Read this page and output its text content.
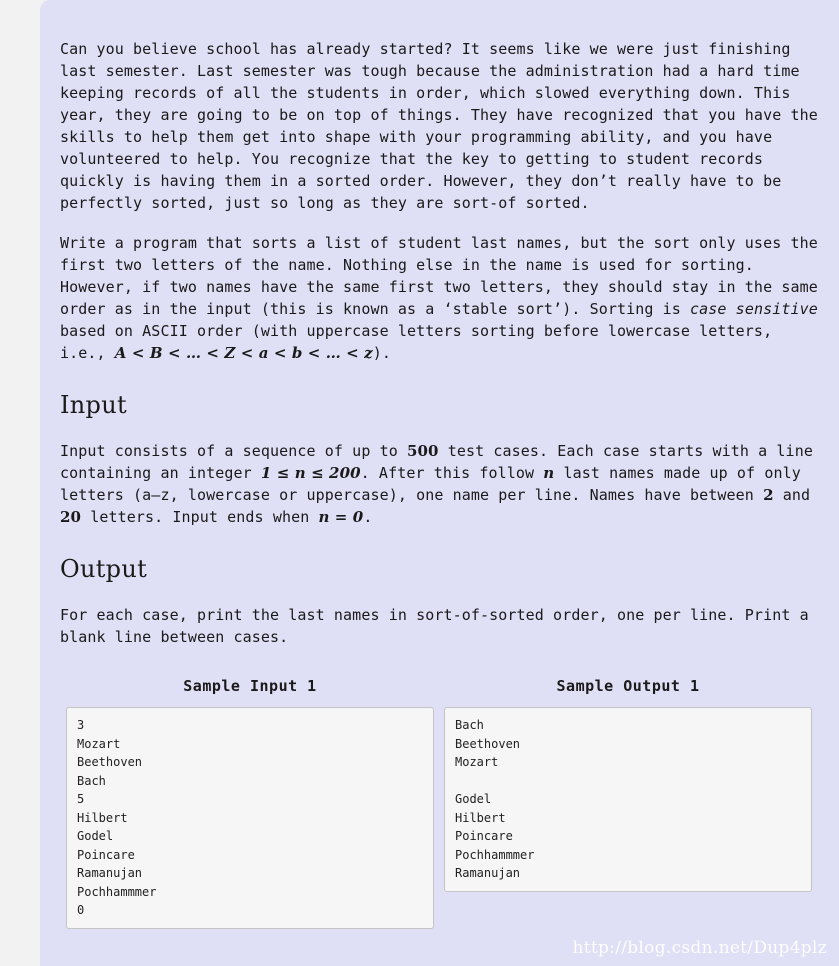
Can you believe school has already started? It seems like we were just finishing last semester. Last semester was tough because the administration had a hard time keeping records of all the students in order, which slowed everything down. This year, they are going to be on top of things. They have recognized that you have the skills to help them get into shape with your programming ability, and you have volunteered to help. You recognize that the key to getting to student records quickly is having them in a sorted order. However, they don’t really have to be perfectly sorted, just so long as they are sort-of sorted.

Write a program that sorts a list of student last names, but the sort only uses the first two letters of the name. Nothing else in the name is used for sorting. However, if two names have the same first two letters, they should stay in the same order as in the input (this is known as a ‘stable sort’). Sorting is case sensitive based on ASCII order (with uppercase letters sorting before lowercase letters, i.e., A < B < … < Z < a < b < … < z).

Input

Input consists of a sequence of up to 500 test cases. Each case starts with a line containing an integer 1 ≤ n ≤ 200. After this follow n last names made up of only letters (a–z, lowercase or uppercase), one name per line. Names have between 2 and 20 letters. Input ends when n = 0.

Output

For each case, print the last names in sort-of-sorted order, one per line. Print a blank line between cases.

Sample Input 1
3
Mozart
Beethoven
Bach
5
Hilbert
Godel
Poincare
Ramanujan
Pochhammmer
0
Sample Output 1
Bach
Beethoven
Mozart

Godel
Hilbert
Poincare
Pochhammmer
Ramanujan
http://blog.csdn.net/Dup4plz
